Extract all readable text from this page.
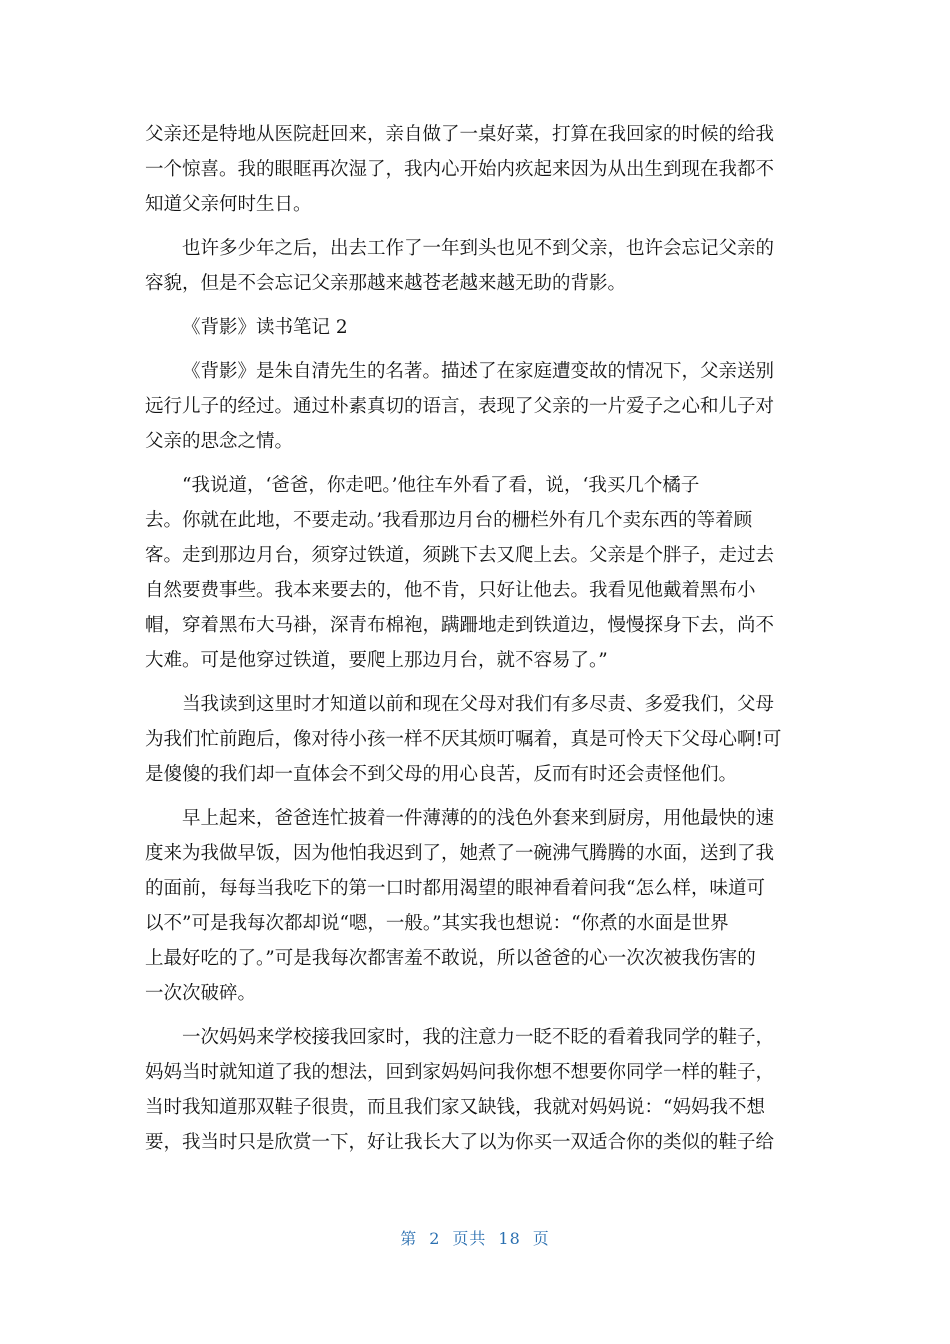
父亲还是特地从医院赶回来，亲自做了一桌好菜，打算在我回家的时候的给我
一个惊喜。我的眼眶再次湿了，我内心开始内疚起来因为从出生到现在我都不
知道父亲何时生日。
也许多少年之后，出去工作了一年到头也见不到父亲，也许会忘记父亲的
容貌，但是不会忘记父亲那越来越苍老越来越无助的背影。
《背影》读书笔记 2
《背影》是朱自清先生的名著。描述了在家庭遭变故的情况下，父亲送别
远行儿子的经过。通过朴素真切的语言，表现了父亲的一片爱子之心和儿子对
父亲的思念之情。
“我说道，‘爸爸，你走吧。’他往车外看了看，说，‘我买几个橘子
去。你就在此地，不要走动。’我看那边月台的栅栏外有几个卖东西的等着顾
客。走到那边月台，须穿过铁道，须跳下去又爬上去。父亲是个胖子，走过去
自然要费事些。我本来要去的，他不肯，只好让他去。我看见他戴着黑布小
帽，穿着黑布大马褂，深青布棉袍，蹒跚地走到铁道边，慢慢探身下去，尚不
大难。可是他穿过铁道，要爬上那边月台，就不容易了。”
当我读到这里时才知道以前和现在父母对我们有多尽责、多爱我们，父母
为我们忙前跑后，像对待小孩一样不厌其烦叮嘱着，真是可怜天下父母心啊!可
是傻傻的我们却一直体会不到父母的用心良苦，反而有时还会责怪他们。
早上起来，爸爸连忙披着一件薄薄的的浅色外套来到厨房，用他最快的速
度来为我做早饭，因为他怕我迟到了，她煮了一碗沸气腾腾的水面，送到了我
的面前，每每当我吃下的第一口时都用渴望的眼神看着问我“怎么样，味道可
以不”可是我每次都却说“嗯，一般。”其实我也想说：“你煮的水面是世界
上最好吃的了。”可是我每次都害羞不敢说，所以爸爸的心一次次被我伤害的
一次次破碎。
一次妈妈来学校接我回家时，我的注意力一眨不眨的看着我同学的鞋子，
妈妈当时就知道了我的想法，回到家妈妈问我你想不想要你同学一样的鞋子，
当时我知道那双鞋子很贵，而且我们家又缺钱，我就对妈妈说：“妈妈我不想
要，我当时只是欣赏一下，好让我长大了以为你买一双适合你的类似的鞋子给
第 2 页共 18 页
